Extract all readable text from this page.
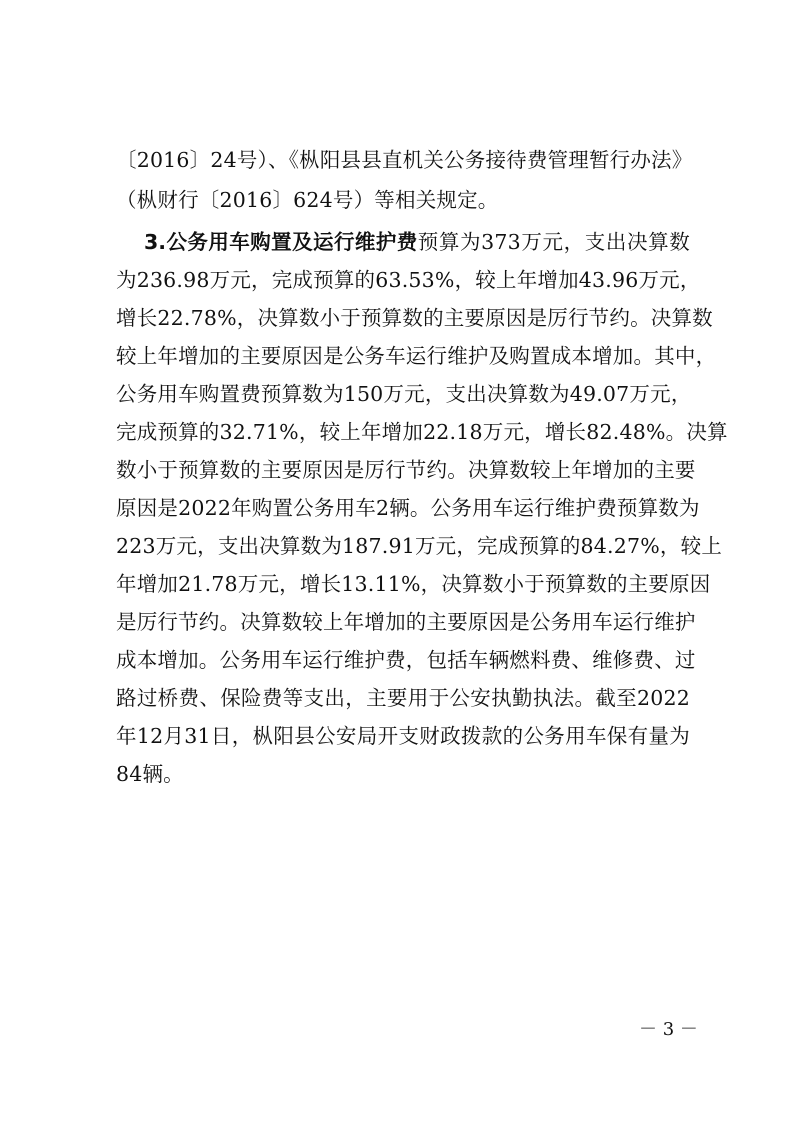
〔2016〕24号）、《枞阳县县直机关公务接待费管理暂行办法》
（枞财行〔2016〕624号）等相关规定。
3.公务用车购置及运行维护费预算为373万元，支出决算数
为236.98万元，完成预算的63.53%，较上年增加43.96万元，
增长22.78%，决算数小于预算数的主要原因是厉行节约。决算数
较上年增加的主要原因是公务车运行维护及购置成本增加。其中，
公务用车购置费预算数为150万元，支出决算数为49.07万元，
完成预算的32.71%，较上年增加22.18万元，增长82.48%。决算
数小于预算数的主要原因是厉行节约。决算数较上年增加的主要
原因是2022年购置公务用车2辆。公务用车运行维护费预算数为
223万元，支出决算数为187.91万元，完成预算的84.27%，较上
年增加21.78万元，增长13.11%，决算数小于预算数的主要原因
是厉行节约。决算数较上年增加的主要原因是公务用车运行维护
成本增加。公务用车运行维护费，包括车辆燃料费、维修费、过
路过桥费、保险费等支出，主要用于公安执勤执法。截至2022
年12月31日，枞阳县公安局开支财政拨款的公务用车保有量为
84辆。
－ 3 －
